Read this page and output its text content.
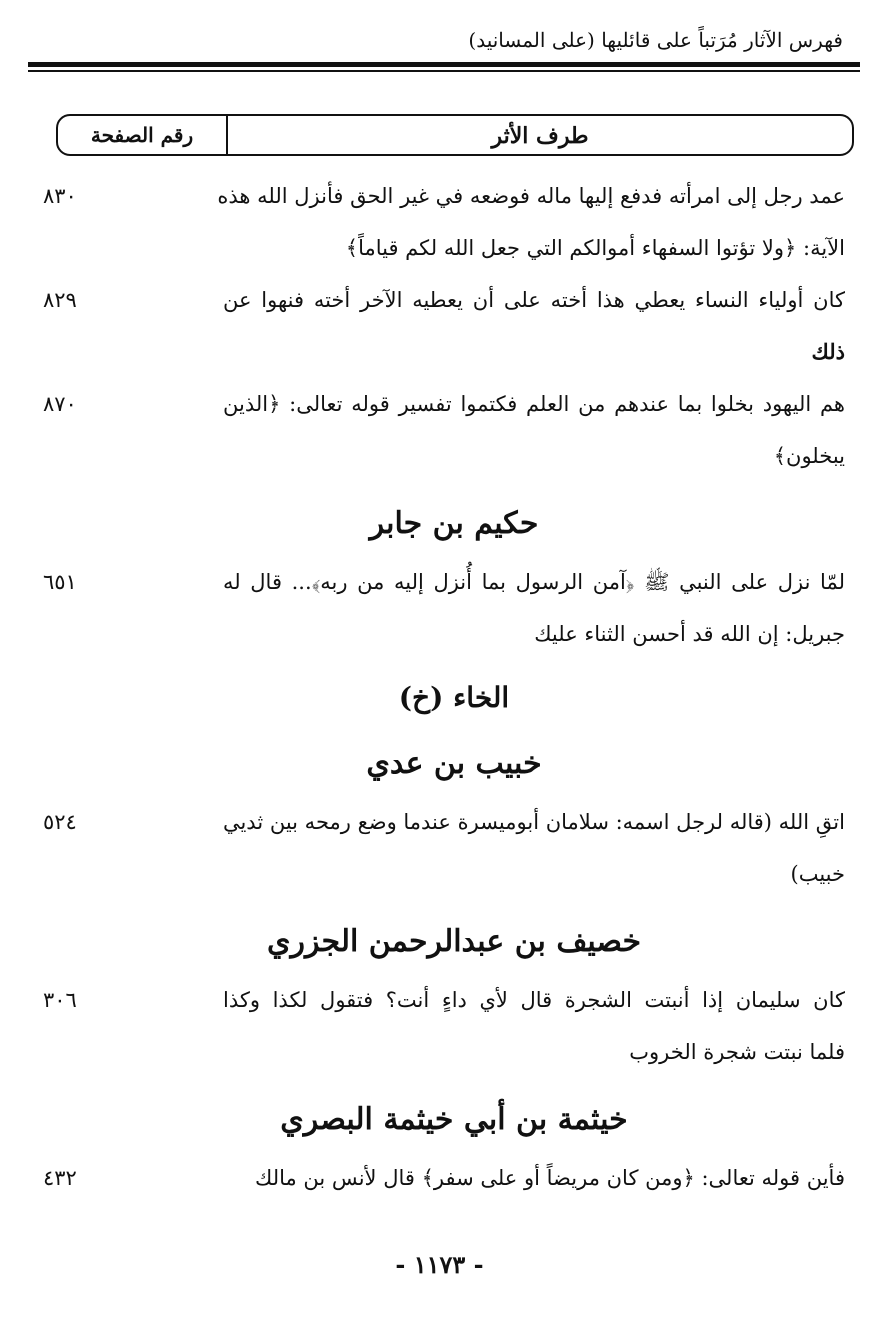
فهرس الآثار مُرَتباً على قائليها (على المسانيد)
طرف الأثر
رقم الصفحة
عمد رجل إلى امرأته فدفع إليها ماله فوضعه في غير الحق فأنزل الله هذه
الآية: ﴿ولا تؤتوا السفهاء أموالكم التي جعل الله لكم قياماً﴾
٨٣٠
كان أولياء النساء يعطي هذا أخته على أن يعطيه الآخر أخته فنهوا عن
ذلك
٨٢٩
هم اليهود بخلوا بما عندهم من العلم فكتموا تفسير قوله تعالى: ﴿الذين
يبخلون﴾
٨٧٠
حكيم بن جابر
لمّا نزل على النبي ﷺ ﴿آمن الرسول بما أُنزل إليه من ربه﴾... قال له
جبريل: إن الله قد أحسن الثناء عليك
٦٥١
الخاء (خ)
خبيب بن عدي
اتقِ الله (قاله لرجل اسمه: سلامان أبوميسرة عندما وضع رمحه بين ثديي
خبيب)
٥٢٤
خصيف بن عبدالرحمن الجزري
كان سليمان إذا أنبتت الشجرة قال لأي داءٍ أنت؟ فتقول لكذا وكذا
فلما نبتت شجرة الخروب
٣٠٦
خيثمة بن أبي خيثمة البصري
فأين قوله تعالى: ﴿ومن كان مريضاً أو على سفر﴾ قال لأنس بن مالك
٤٣٢
- ١١٧٣ -
